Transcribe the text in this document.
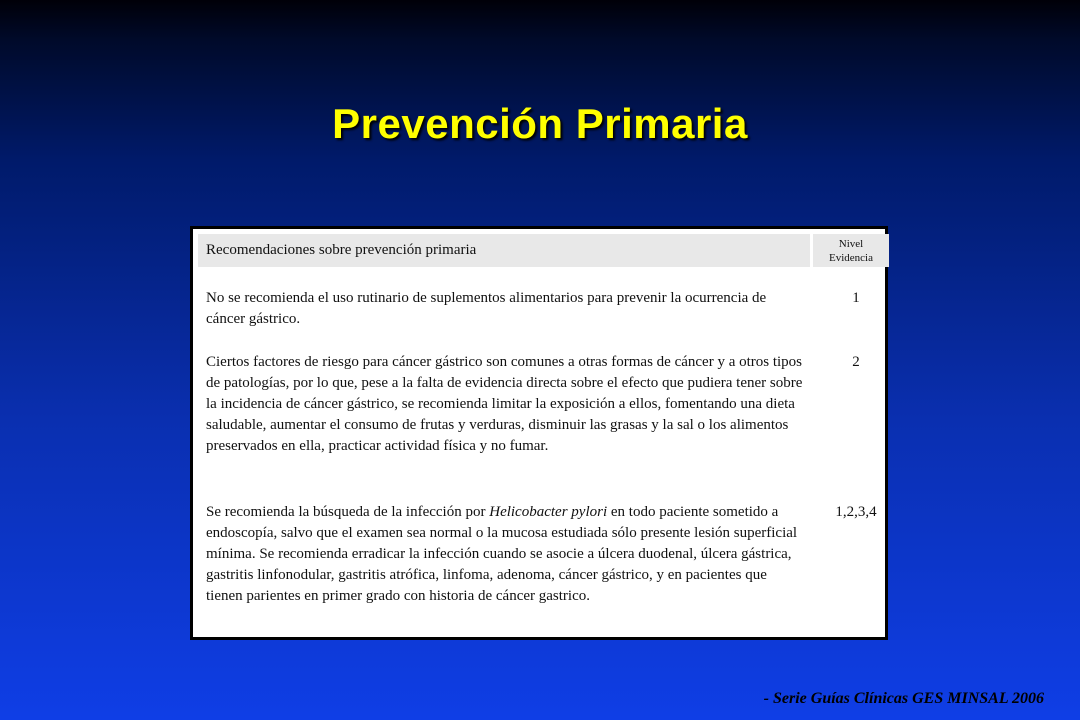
Prevención Primaria
Recomendaciones sobre prevención primaria	Nivel
Evidencia
No se recomienda el uso rutinario de suplementos alimentarios para prevenir la ocurrencia de cáncer gástrico.
1
Ciertos factores de riesgo para cáncer gástrico son comunes a otras formas de cáncer y a otros tipos de patologías, por lo que, pese a la falta de evidencia directa sobre el efecto que pudiera tener sobre la incidencia de cáncer gástrico, se recomienda limitar la exposición a ellos, fomentando una dieta saludable, aumentar el consumo de frutas y verduras, disminuir las grasas y la sal o los alimentos preservados en ella, practicar actividad física y no fumar.
2
Se recomienda la búsqueda de la infección por Helicobacter pylori en todo paciente sometido a endoscopía, salvo que el examen sea normal o la mucosa estudiada sólo presente lesión superficial mínima. Se recomienda erradicar la infección cuando se asocie a úlcera duodenal, úlcera gástrica, gastritis linfonodular, gastritis atrófica, linfoma, adenoma, cáncer gástrico, y en pacientes que tienen parientes en primer grado con historia de cáncer gastrico.
1,2,3,4
- Serie Guías Clínicas GES MINSAL 2006
